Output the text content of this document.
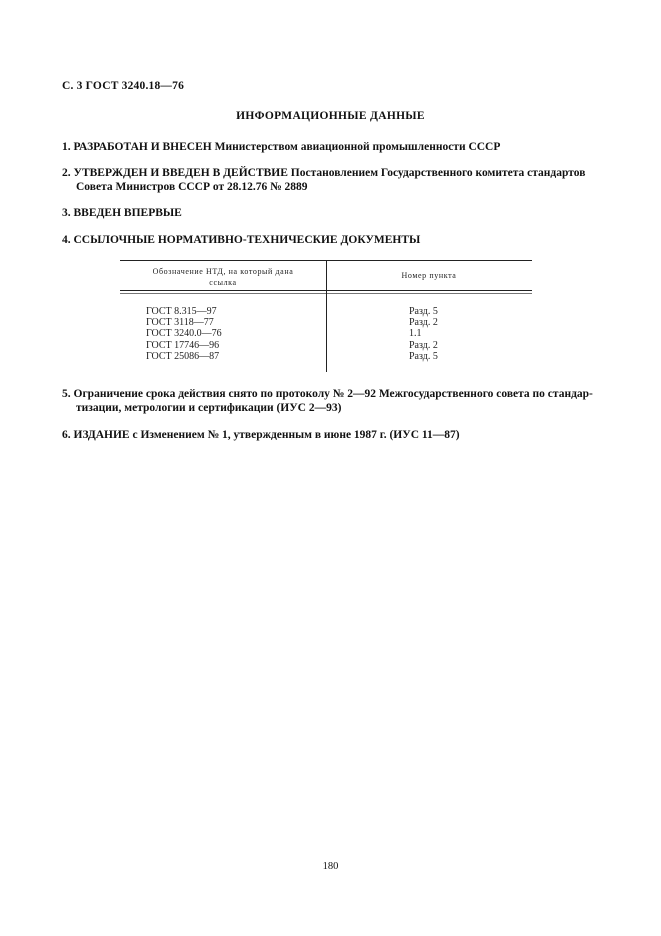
С. 3 ГОСТ 3240.18—76
ИНФОРМАЦИОННЫЕ ДАННЫЕ
1. РАЗРАБОТАН И ВНЕСЕН Министерством авиационной промышленности СССР
2. УТВЕРЖДЕН И ВВЕДЕН В ДЕЙСТВИЕ Постановлением Государственного комитета стандартов
Совета Министров СССР от 28.12.76 № 2889
3. ВВЕДЕН ВПЕРВЫЕ
4. ССЫЛОЧНЫЕ НОРМАТИВНО-ТЕХНИЧЕСКИЕ ДОКУМЕНТЫ
Обозначение НТД, на который дана
ссылка
Номер пункта
ГОСТ 8.315—97
ГОСТ 3118—77
ГОСТ 3240.0—76
ГОСТ 17746—96
ГОСТ 25086—87
Разд. 5
Разд. 2
1.1
Разд. 2
Разд. 5
5. Ограничение срока действия снято по протоколу № 2—92 Межгосударственного совета по стандар-
тизации, метрологии и сертификации (ИУС 2—93)
6. ИЗДАНИЕ с Изменением № 1, утвержденным в июне 1987 г. (ИУС 11—87)
180
